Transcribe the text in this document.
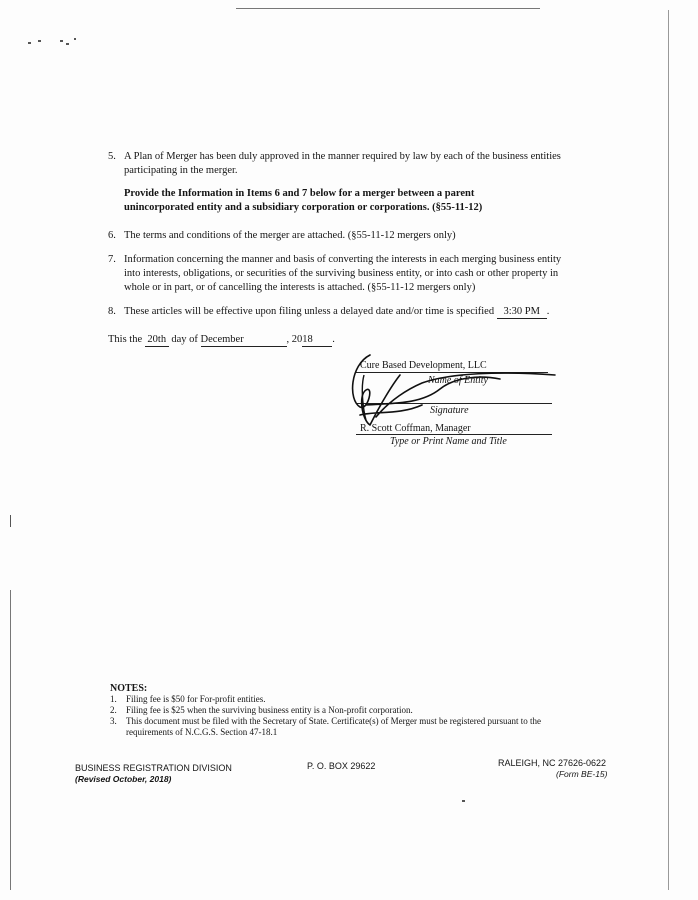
5. A Plan of Merger has been duly approved in the manner required by law by each of the business entities participating in the merger.
Provide the Information in Items 6 and 7 below for a merger between a parent unincorporated entity and a subsidiary corporation or corporations. (§55-11-12)
6. The terms and conditions of the merger are attached. (§55-11-12 mergers only)
7. Information concerning the manner and basis of converting the interests in each merging business entity into interests, obligations, or securities of the surviving business entity, or into cash or other property in whole or in part, or of cancelling the interests is attached. (§55-11-12 mergers only)
8. These articles will be effective upon filing unless a delayed date and/or time is specified 3:30 PM .
This the 20th day of December	, 2018 .
Cure Based Development, LLC
Name of Entity
Signature
R. Scott Coffman, Manager
Type or Print Name and Title
NOTES:
1. Filing fee is $50 for For-profit entities.
2. Filing fee is $25 when the surviving business entity is a Non-profit corporation.
3. This document must be filed with the Secretary of State. Certificate(s) of Merger must be registered pursuant to the requirements of N.C.G.S. Section 47-18.1
BUSINESS REGISTRATION DIVISION
(Revised October, 2018)
P. O. BOX 29622	RALEIGH, NC 27626-0622
(Form BE-15)
